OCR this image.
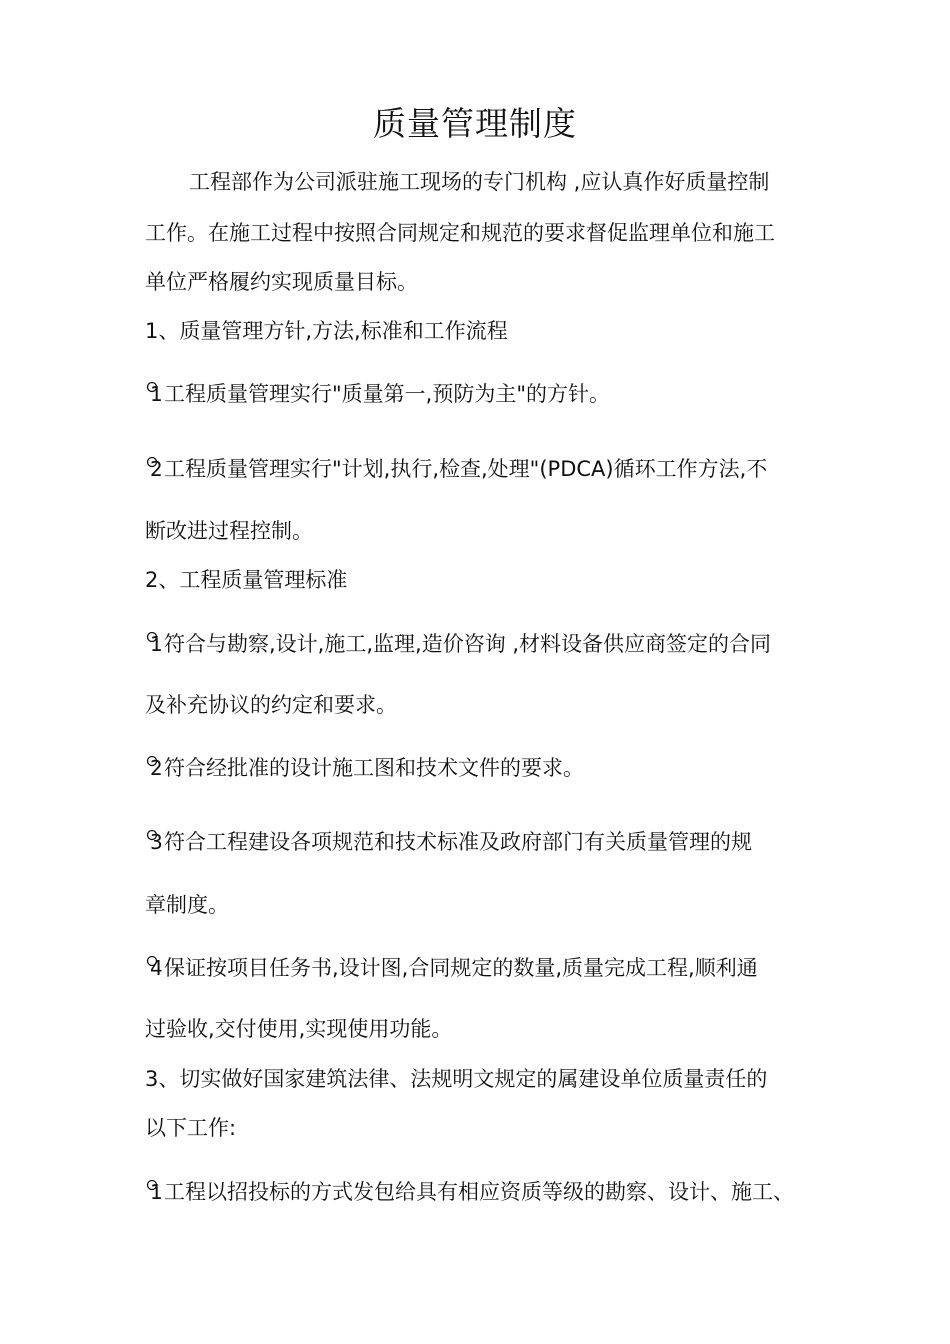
质量管理制度
工程部作为公司派驻施工现场的专门机构 ,应认真作好质量控制
工作。在施工过程中按照合同规定和规范的要求督促监理单位和施工
单位严格履约实现质量目标。
1、质量管理方针,方法,标准和工作流程
1 工程质量管理实行"质量第一,预防为主"的方针。
2 工程质量管理实行"计划,执行,检查,处理"(PDCA)循环工作方法,不
断改进过程控制。
2、工程质量管理标准
1 符合与勘察,设计,施工,监理,造价咨询 ,材料设备供应商签定的合同
及补充协议的约定和要求。
2 符合经批准的设计施工图和技术文件的要求。
3 符合工程建设各项规范和技术标准及政府部门有关质量管理的规
章制度。
4 保证按项目任务书,设计图,合同规定的数量,质量完成工程,顺利通
过验收,交付使用,实现使用功能。
3、切实做好国家建筑法律、法规明文规定的属建设单位质量责任的
以下工作:
1 工程以招投标的方式发包给具有相应资质等级的勘察、设计、施工、
